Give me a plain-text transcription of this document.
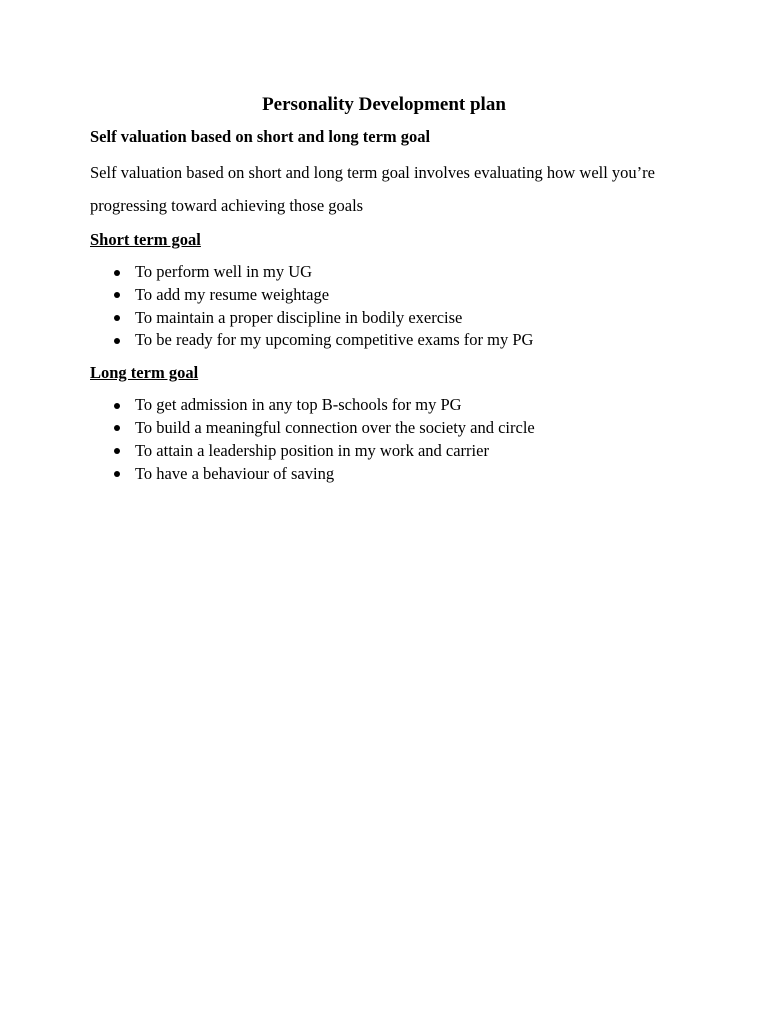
Personality Development plan
Self valuation based on short and long term goal

Self valuation based on short and long term goal involves evaluating how well you’re progressing toward achieving those goals

Short term goal
To perform well in my UG
To add my resume weightage
To maintain a proper discipline in bodily exercise
To be ready for my upcoming competitive exams for my PG
Long term goal
To get admission in any top B-schools for my PG
To build a meaningful connection over the society and circle
To attain a leadership position in my work and carrier
To have a behaviour of saving
